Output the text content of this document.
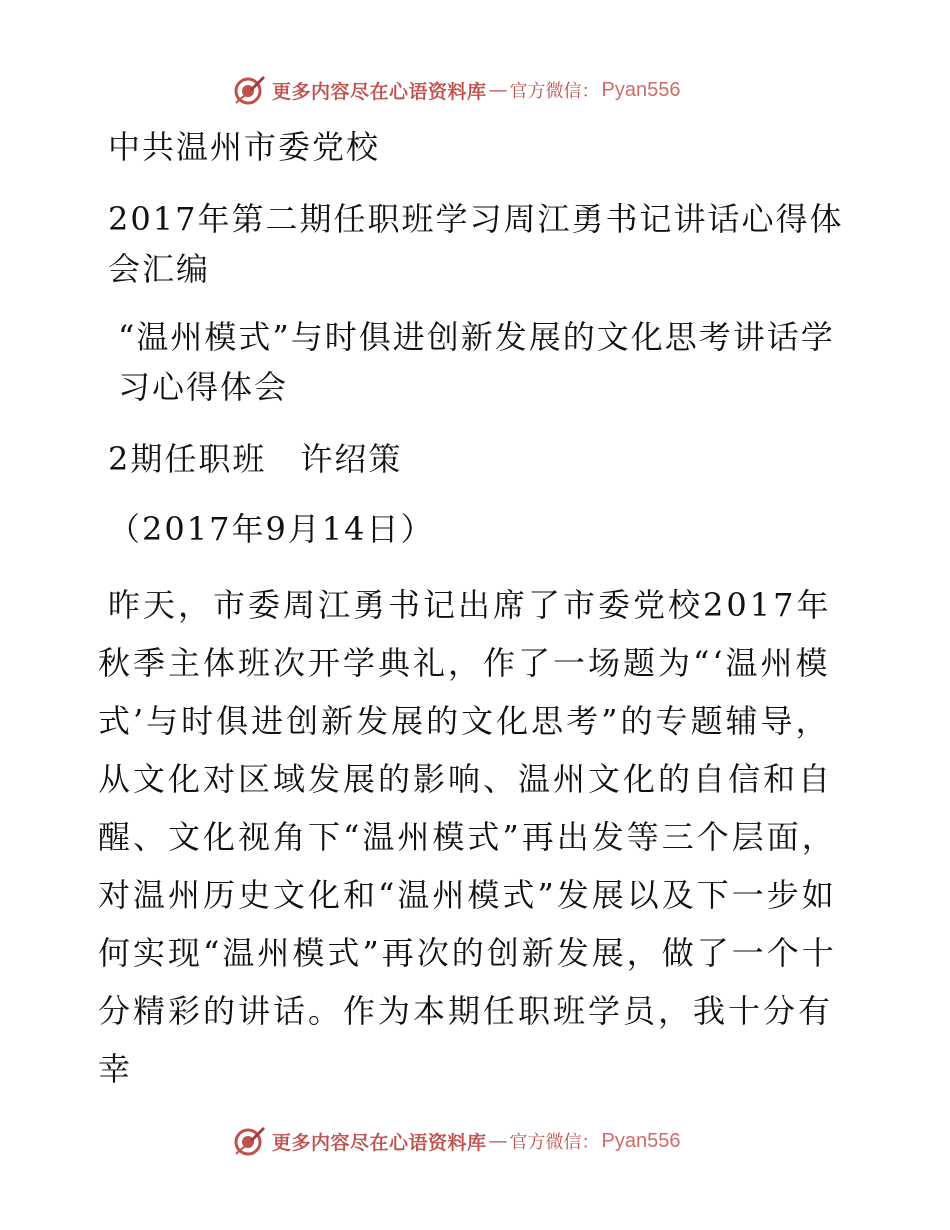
更多内容尽在心语资料库 — 官方微信： Pyan556

中共温州市委党校

2017年第二期任职班学习周江勇书记讲话心得体会汇编

“温州模式”与时俱进创新发展的文化思考讲话学习心得体会

2期任职班　许绍策

（2017年9月14日）

昨天，市委周江勇书记出席了市委党校2017年秋季主体班次开学典礼，作了一场题为“‘温州模式’与时俱进创新发展的文化思考”的专题辅导，从文化对区域发展的影响、温州文化的自信和自醒、文化视角下“温州模式”再出发等三个层面，对温州历史文化和“温州模式”发展以及下一步如何实现“温州模式”再次的创新发展，做了一个十分精彩的讲话。作为本期任职班学员，我十分有幸

更多内容尽在心语资料库 — 官方微信： Pyan556
